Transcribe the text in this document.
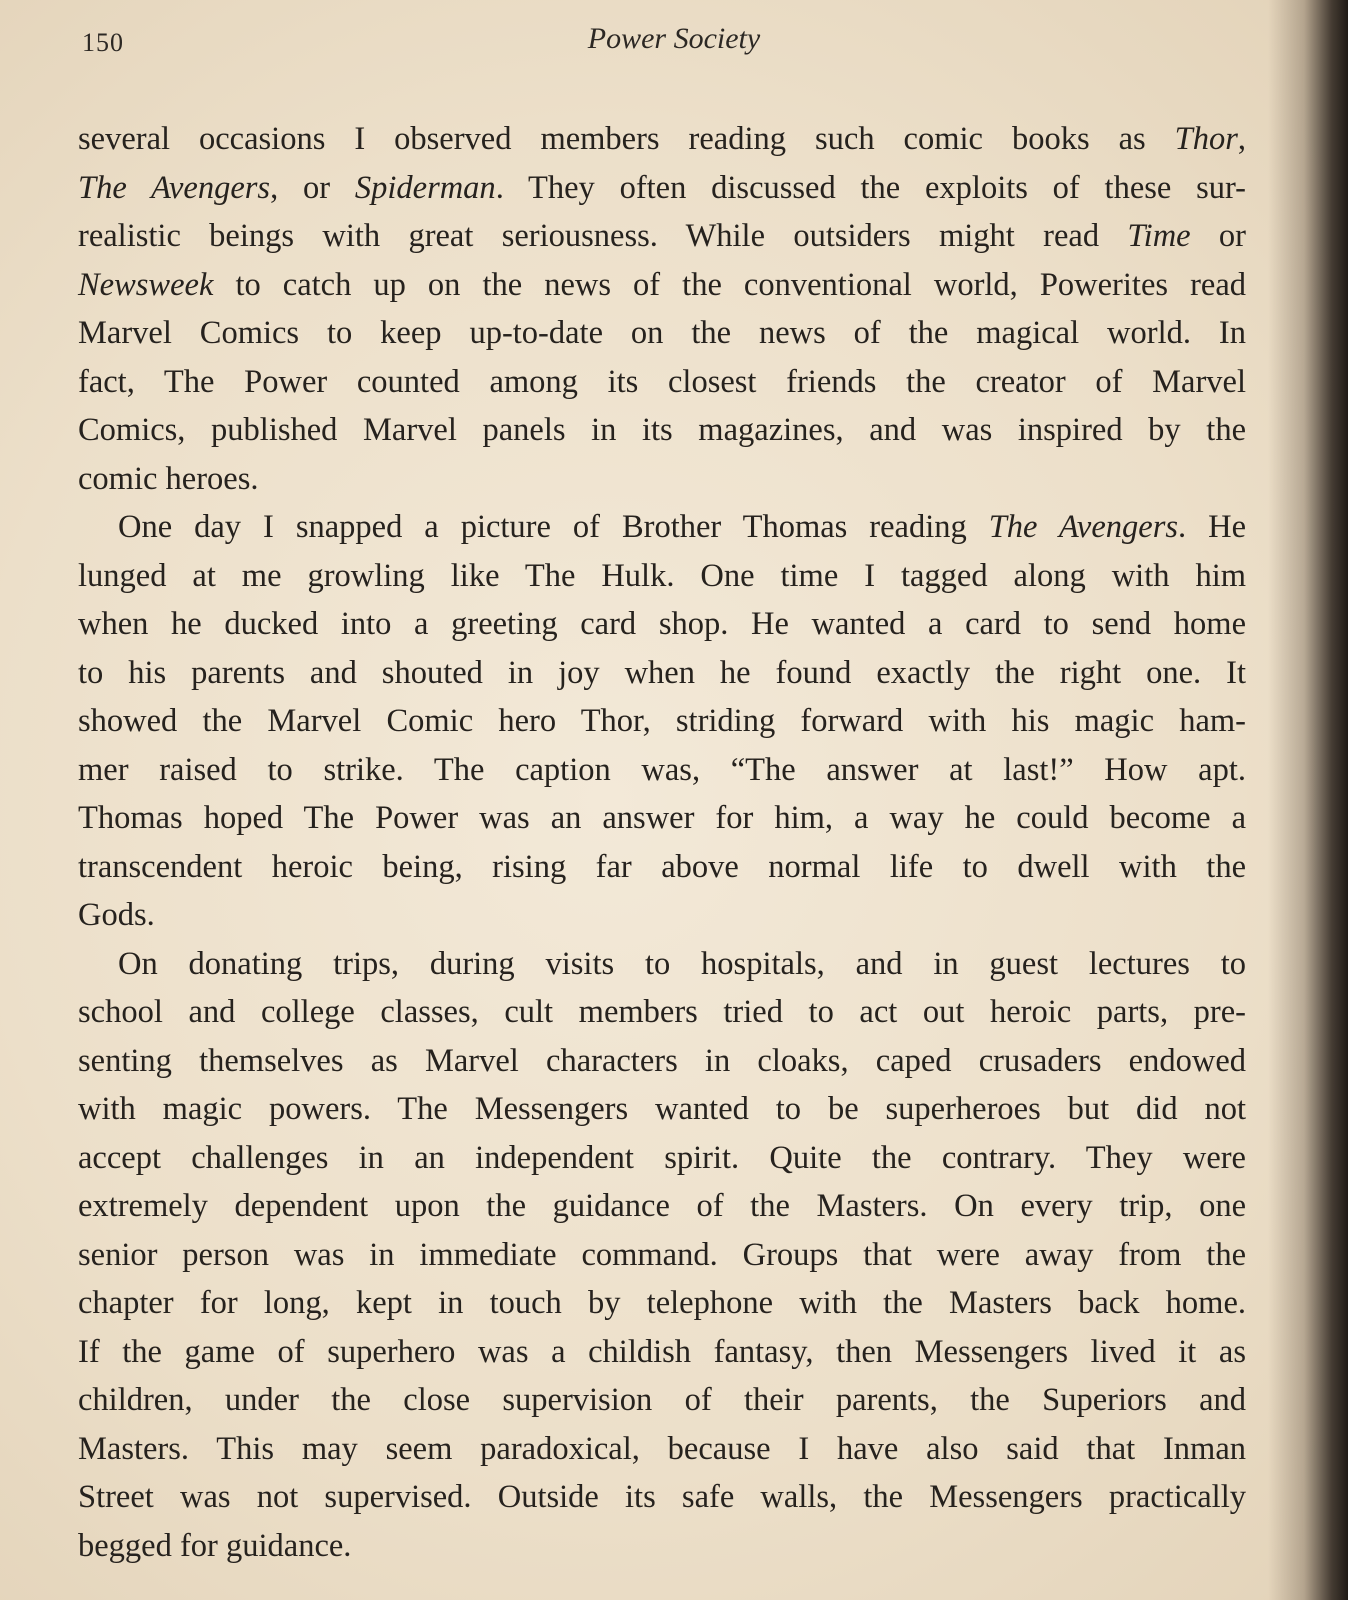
150	Power Society
several occasions I observed members reading such comic books as Thor,
The Avengers, or Spiderman. They often discussed the exploits of these sur-
realistic beings with great seriousness. While outsiders might read Time or
Newsweek to catch up on the news of the conventional world, Powerites read
Marvel Comics to keep up-to-date on the news of the magical world. In
fact, The Power counted among its closest friends the creator of Marvel
Comics, published Marvel panels in its magazines, and was inspired by the
comic heroes.
One day I snapped a picture of Brother Thomas reading The Avengers. He
lunged at me growling like The Hulk. One time I tagged along with him
when he ducked into a greeting card shop. He wanted a card to send home
to his parents and shouted in joy when he found exactly the right one. It
showed the Marvel Comic hero Thor, striding forward with his magic ham-
mer raised to strike. The caption was, “The answer at last!” How apt.
Thomas hoped The Power was an answer for him, a way he could become a
transcendent heroic being, rising far above normal life to dwell with the
Gods.
On donating trips, during visits to hospitals, and in guest lectures to
school and college classes, cult members tried to act out heroic parts, pre-
senting themselves as Marvel characters in cloaks, caped crusaders endowed
with magic powers. The Messengers wanted to be superheroes but did not
accept challenges in an independent spirit. Quite the contrary. They were
extremely dependent upon the guidance of the Masters. On every trip, one
senior person was in immediate command. Groups that were away from the
chapter for long, kept in touch by telephone with the Masters back home.
If the game of superhero was a childish fantasy, then Messengers lived it as
children, under the close supervision of their parents, the Superiors and
Masters. This may seem paradoxical, because I have also said that Inman
Street was not supervised. Outside its safe walls, the Messengers practically
begged for guidance.
